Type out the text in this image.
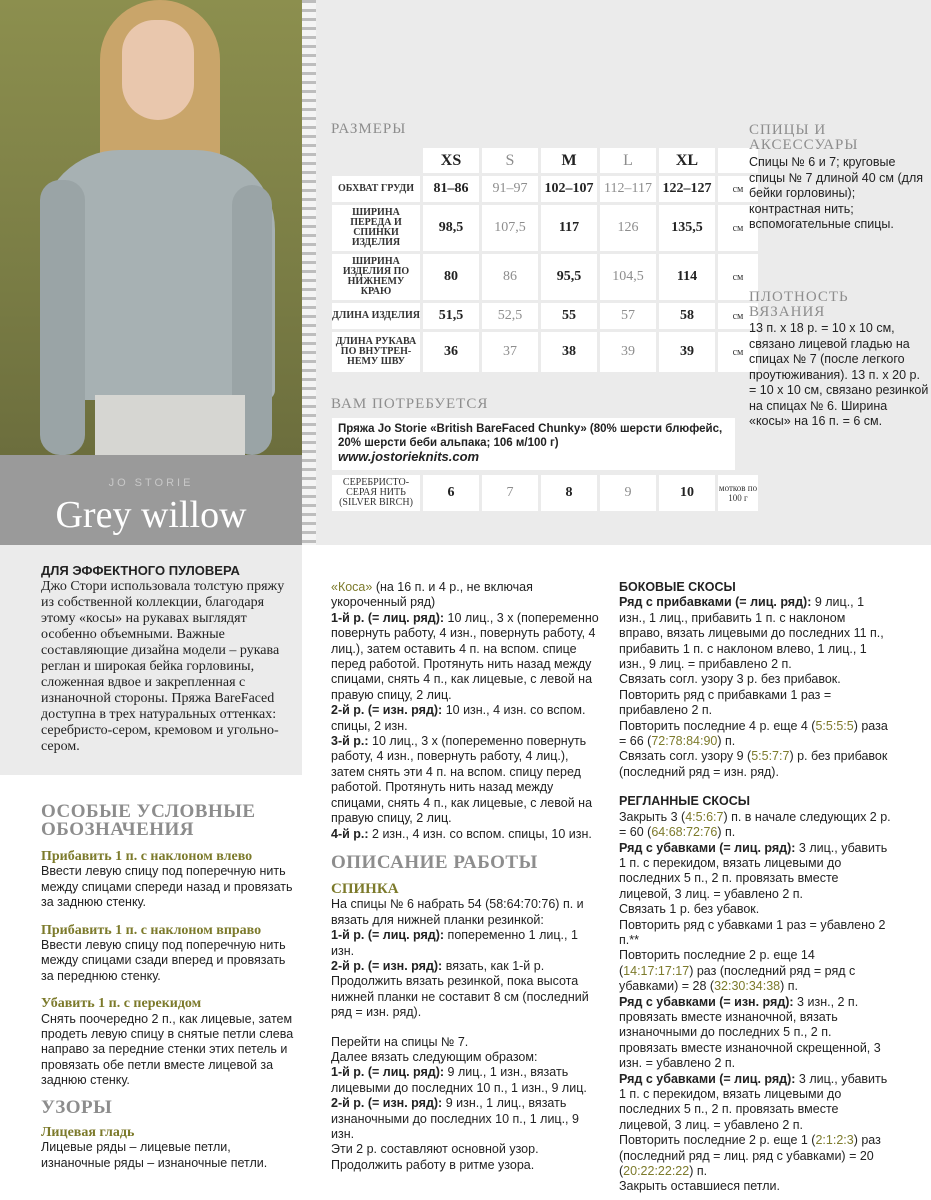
JO STORIE
Grey willow
РАЗМЕРЫ
	XS	S	M	L	XL	
ОБХВАТ ГРУДИ	81–86	91–97	102–107	112–117	122–127	см
ШИРИНА ПЕРЕДА И СПИНКИ ИЗДЕЛИЯ	98,5	107,5	117	126	135,5	см
ШИРИНА ИЗДЕЛИЯ ПО НИЖНЕМУ КРАЮ	80	86	95,5	104,5	114	см
ДЛИНА ИЗДЕЛИЯ	51,5	52,5	55	57	58	см
ДЛИНА РУКАВА ПО ВНУТРЕН-НЕМУ ШВУ	36	37	38	39	39	см
ВАМ ПОТРЕБУЕТСЯ
Пряжа Jo Storie «British BareFaced Chunky» (80% шерсти блюфейс,
20% шерсти беби альпака; 106 м/100 г)
www.jostorieknits.com
СЕРЕБРИСТО-СЕРАЯ НИТЬ (SILVER BIRCH)	6	7	8	9	10	мотков по 100 г
СПИЦЫ И АКСЕССУАРЫ
Спицы № 6 и 7; круговые спицы № 7 длиной 40 см (для бейки горловины); контрастная нить; вспомогательные спицы.
ПЛОТНОСТЬ ВЯЗАНИЯ
13 п. х 18 р. = 10 х 10 см, связано лицевой гладью на спицах № 7 (после легкого проутюживания). 13 п. х 20 р. = 10 х 10 см, связано резинкой на спицах № 6. Ширина «косы» на 16 п. = 6 см.
ДЛЯ ЭФФЕКТНОГО ПУЛОВЕРА

Джо Стори использовала толстую пряжу из собственной коллекции, благодаря этому «косы» на рукавах выглядят особенно объемными. Важные составляющие дизайна модели – рукава реглан и широкая бейка горловины, сложенная вдвое и закрепленная с изнаночной стороны. Пряжа BareFaced доступна в трех натуральных оттенках: серебристо-сером, кремовом и угольно-сером.

ОСОБЫЕ УСЛОВНЫЕ ОБОЗНАЧЕНИЯ
Прибавить 1 п. с наклоном влево
Ввести левую спицу под поперечную нить между спицами спереди назад и провязать за заднюю стенку.
Прибавить 1 п. с наклоном вправо
Ввести левую спицу под поперечную нить между спицами сзади вперед и провязать за переднюю стенку.
Убавить 1 п. с перекидом
Снять поочередно 2 п., как лицевые, затем продеть левую спицу в снятые петли слева направо за передние стенки этих петель и провязать обе петли вместе лицевой за заднюю стенку.
УЗОРЫ
Лицевая гладь
Лицевые ряды – лицевые петли, изнаночные ряды – изнаночные петли.
«Коса» (на 16 п. и 4 р., не включая укороченный ряд)
1-й р. (= лиц. ряд): 10 лиц., 3 x (попеременно повернуть работу, 4 изн., повернуть работу, 4 лиц.), затем оставить 4 п. на вспом. спице перед работой. Протянуть нить назад между спицами, снять 4 п., как лицевые, с левой на правую спицу, 2 лиц.
2-й р. (= изн. ряд): 10 изн., 4 изн. со вспом. спицы, 2 изн.
3-й р.: 10 лиц., 3 x (попеременно повернуть работу, 4 изн., повернуть работу, 4 лиц.), затем снять эти 4 п. на вспом. спицу перед работой. Протянуть нить назад между спицами, снять 4 п., как лицевые, с левой на правую спицу, 2 лиц.
4-й р.: 2 изн., 4 изн. со вспом. спицы, 10 изн.
ОПИСАНИЕ РАБОТЫ
СПИНКА
На спицы № 6 набрать 54 (58:64:70:76) п. и вязать для нижней планки резинкой:
1-й р. (= лиц. ряд): попеременно 1 лиц., 1 изн.
2-й р. (= изн. ряд): вязать, как 1-й р.
Продолжить вязать резинкой, пока высота нижней планки не составит 8 см (последний ряд = изн. ряд).
Перейти на спицы № 7.
Далее вязать следующим образом:
1-й р. (= лиц. ряд): 9 лиц., 1 изн., вязать лицевыми до последних 10 п., 1 изн., 9 лиц.
2-й р. (= изн. ряд): 9 изн., 1 лиц., вязать изнаночными до последних 10 п., 1 лиц., 9 изн.
Эти 2 р. составляют основной узор.
Продолжить работу в ритме узора.
БОКОВЫЕ СКОСЫ
Ряд с прибавками (= лиц. ряд): 9 лиц., 1 изн., 1 лиц., прибавить 1 п. с наклоном вправо, вязать лицевыми до последних 11 п., прибавить 1 п. с наклоном влево, 1 лиц., 1 изн., 9 лиц. = прибавлено 2 п.
Связать согл. узору 3 р. без прибавок.
Повторить ряд с прибавками 1 раз = прибавлено 2 п.
Повторить последние 4 р. еще 4 (5:5:5:5) раза = 66 (72:78:84:90) п.
Связать согл. узору 9 (5:5:7:7) р. без прибавок (последний ряд = изн. ряд).
РЕГЛАННЫЕ СКОСЫ
Закрыть 3 (4:5:6:7) п. в начале следующих 2 р. = 60 (64:68:72:76) п.
Ряд с убавками (= лиц. ряд): 3 лиц., убавить 1 п. с перекидом, вязать лицевыми до последних 5 п., 2 п. провязать вместе лицевой, 3 лиц. = убавлено 2 п.
Связать 1 р. без убавок.
Повторить ряд с убавками 1 раз = убавлено 2 п.**
Повторить последние 2 р. еще 14 (14:17:17:17) раз (последний ряд = ряд с убавками) = 28 (32:30:34:38) п.
Ряд с убавками (= изн. ряд): 3 изн., 2 п. провязать вместе изнаночной, вязать изнаночными до последних 5 п., 2 п. провязать вместе изнаночной скрещенной, 3 изн. = убавлено 2 п.
Ряд с убавками (= лиц. ряд): 3 лиц., убавить 1 п. с перекидом, вязать лицевыми до последних 5 п., 2 п. провязать вместе лицевой, 3 лиц. = убавлено 2 п.
Повторить последние 2 р. еще 1 (2:1:2:3) раз (последний ряд = лиц. ряд с убавками) = 20 (20:22:22:22) п.
Закрыть оставшиеся петли.
